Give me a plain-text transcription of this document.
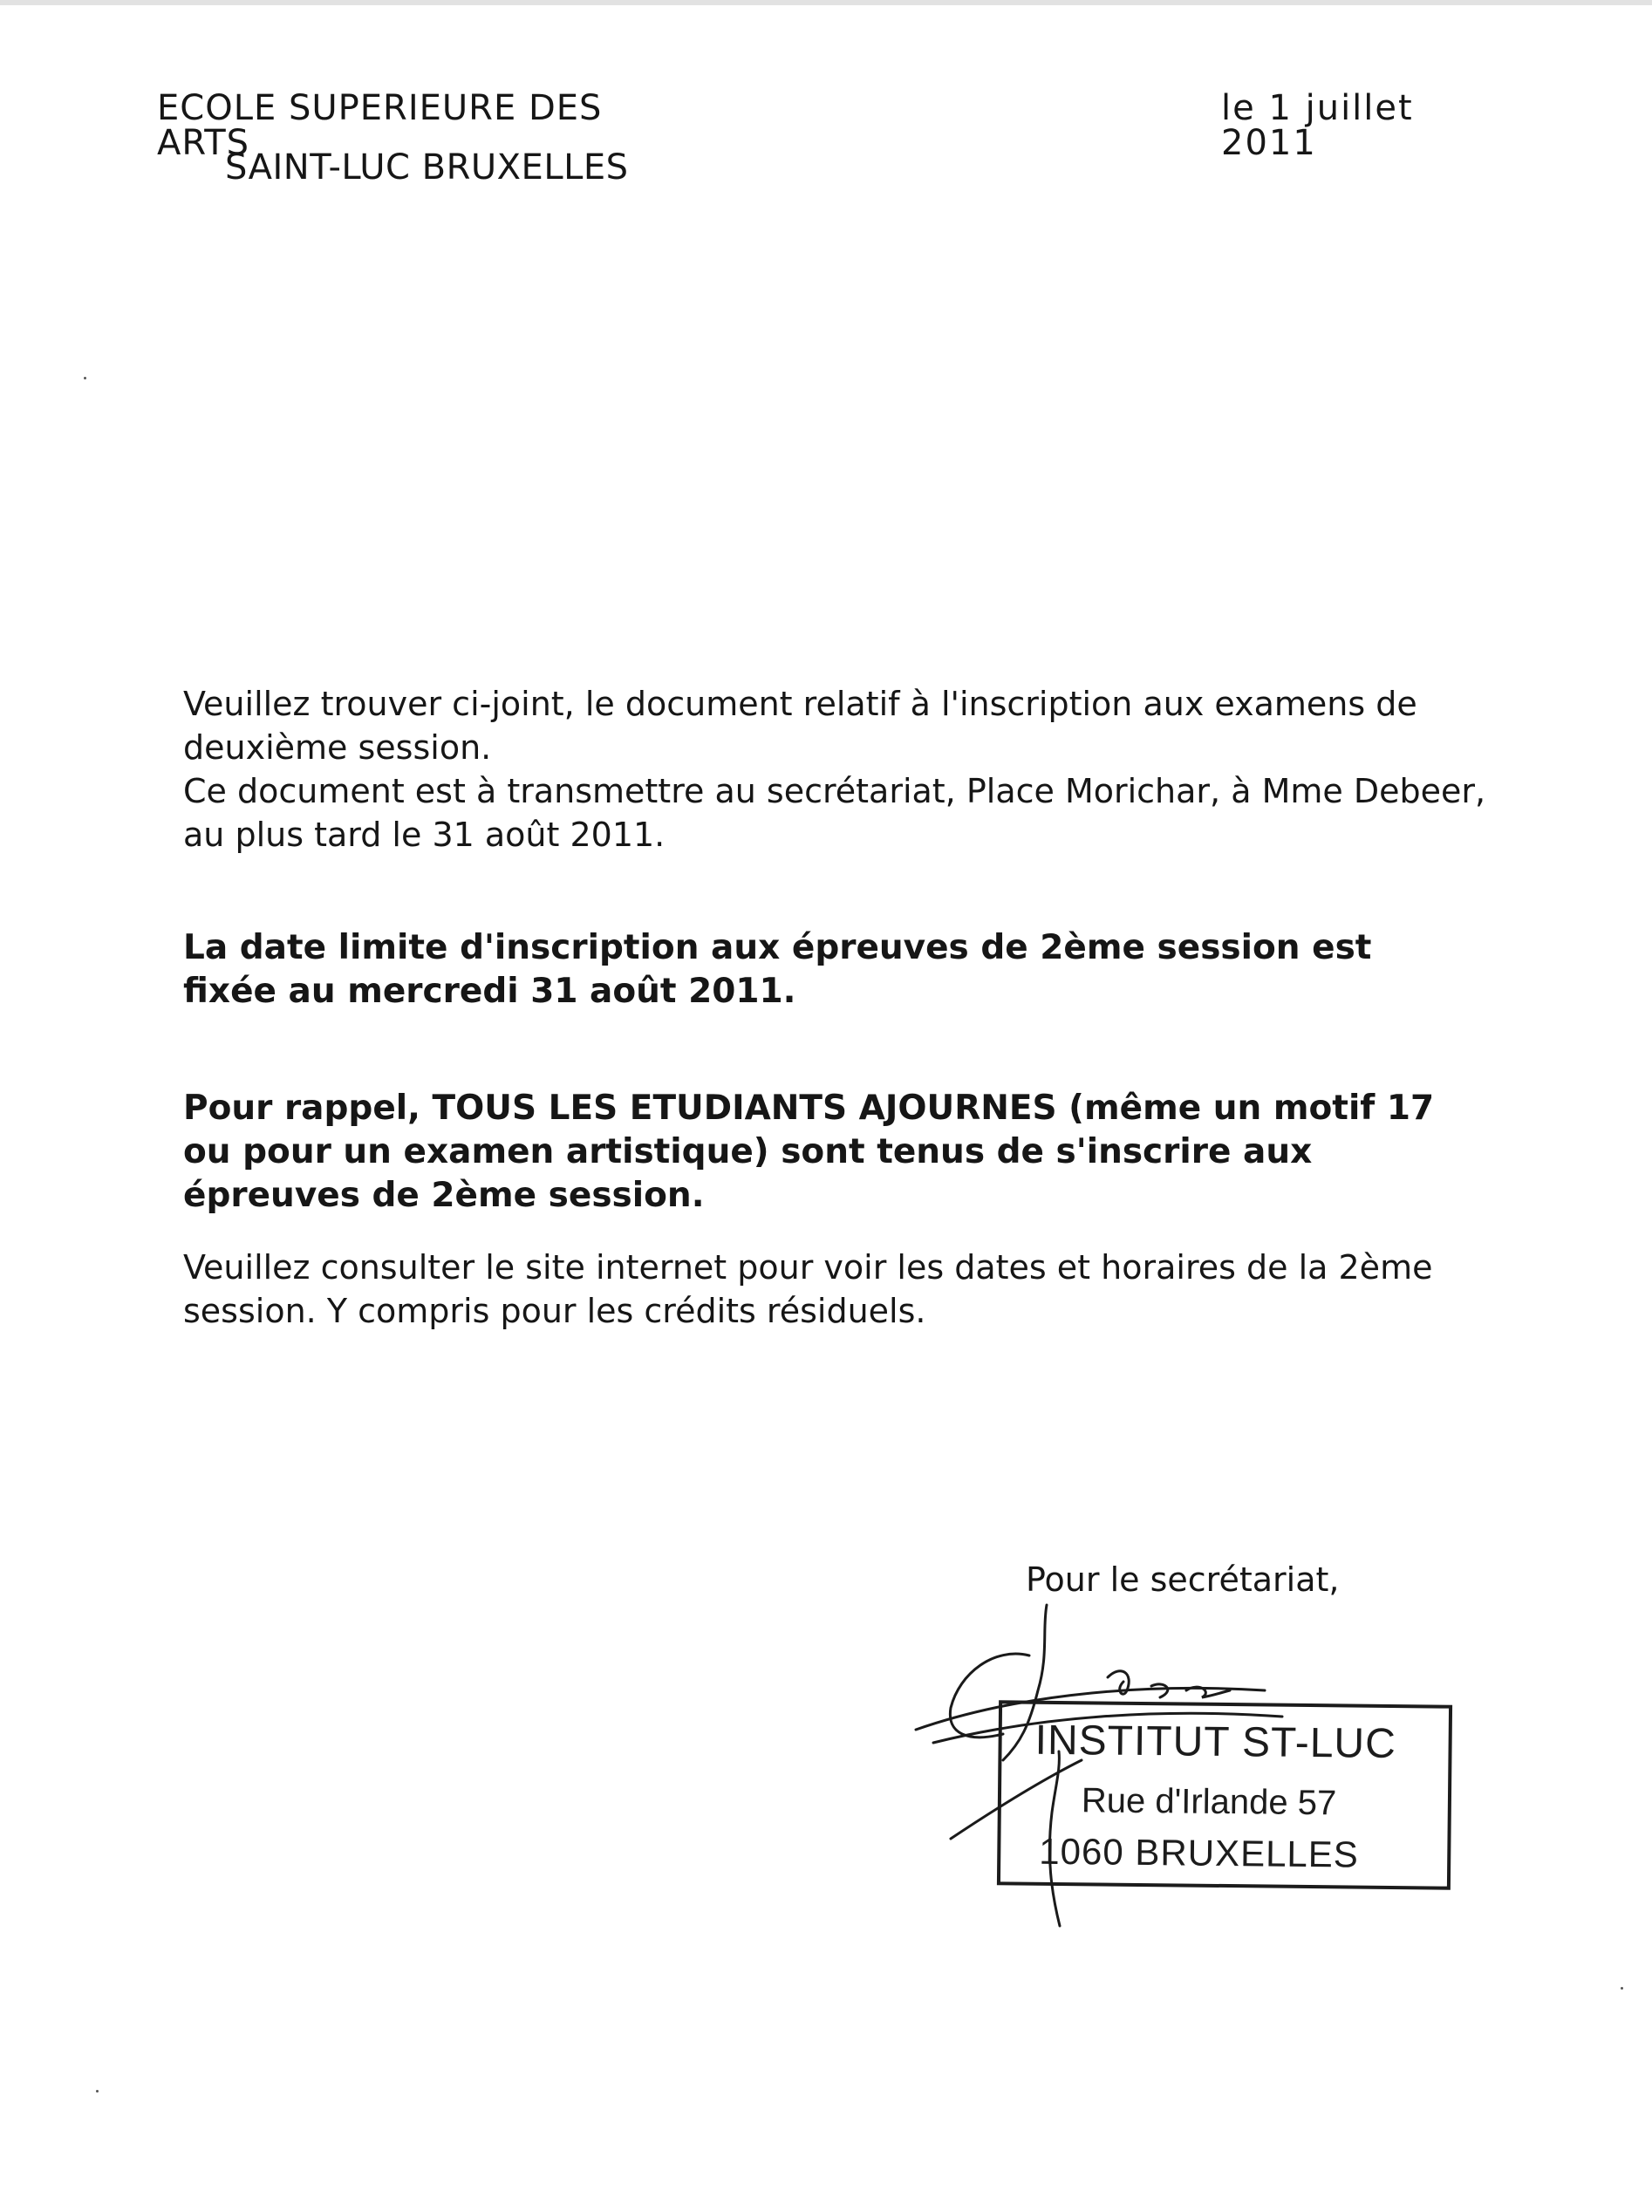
ECOLE SUPERIEURE DES ARTS
SAINT-LUC BRUXELLES
le 1 juillet 2011
Veuillez trouver ci-joint, le document relatif à l'inscription aux examens de
deuxième session.
Ce document est à transmettre au secrétariat, Place Morichar, à Mme Debeer,
au plus tard le 31 août 2011.
La date limite d'inscription aux épreuves de 2ème session est
fixée au mercredi 31 août 2011.
Pour rappel, TOUS LES ETUDIANTS AJOURNES (même un motif 17
ou pour un examen artistique) sont tenus de s'inscrire aux
épreuves de 2ème session.
Veuillez consulter le site internet pour voir les dates et horaires de la 2ème
session. Y compris pour les crédits résiduels.
Pour le secrétariat,
INSTITUT ST-LUC
Rue d'Irlande 57
1060 BRUXELLES
